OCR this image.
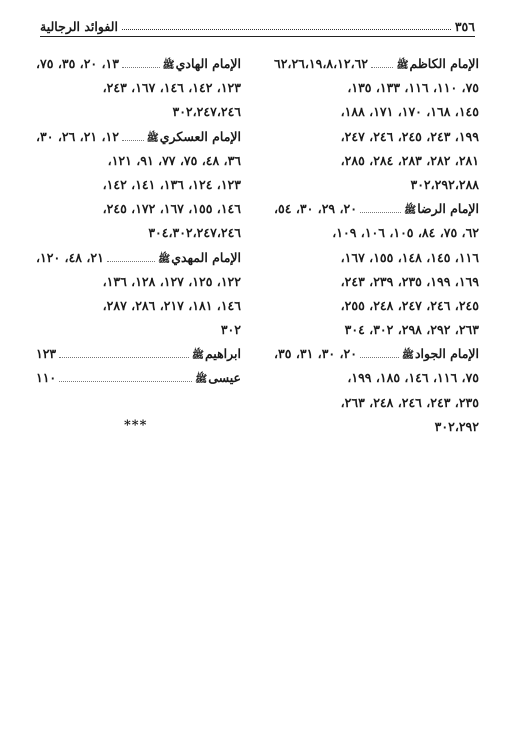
٣٥٦
الفوائد الرجالية
الإمام الكاظم
ﷺ
٦٢،٢٦،١٩،٨،١٢،٦٢
٧٥، ١١٠، ١١٦، ١٣٣، ١٣٥،
١٤٥، ١٦٨، ١٧٠، ١٧١، ١٨٨،
١٩٩، ٢٤٣، ٢٤٥، ٢٤٦، ٢٤٧،
٢٨١، ٢٨٢، ٢٨٣، ٢٨٤، ٢٨٥،
٣٠٢،٢٩٢،٢٨٨
الإمام الرضا
ﷺ
٢٠، ٢٩، ٣٠، ٥٤،
٦٢، ٧٥، ٨٤، ١٠٥، ١٠٦، ١٠٩،
١١٦، ١٤٥، ١٤٨، ١٥٥، ١٦٧،
١٦٩، ١٩٩، ٢٣٥، ٢٣٩، ٢٤٣،
٢٤٥، ٢٤٦، ٢٤٧، ٢٤٨، ٢٥٥،
٢٦٣، ٢٩٢، ٢٩٨، ٣٠٢، ٣٠٤
الإمام الجواد
ﷺ
٢٠، ٣٠، ٣١، ٣٥،
٧٥، ١١٦، ١٤٦، ١٨٥، ١٩٩،
٢٣٥، ٢٤٣، ٢٤٦، ٢٤٨، ٢٦٣،
٣٠٢،٢٩٢
الإمام الهادي
ﷺ
١٣، ٢٠، ٣٥، ٧٥،
١٢٣، ١٤٢، ١٤٦، ١٦٧، ٢٤٣،
٣٠٢،٢٤٧،٢٤٦
الإمام العسكري
ﷺ
١٢، ٢١، ٢٦، ٣٠،
٣٦، ٤٨، ٧٥، ٧٧، ٩١، ١٢١،
١٢٣، ١٢٤، ١٣٦، ١٤١، ١٤٢،
١٤٦، ١٥٥، ١٦٧، ١٧٢، ٢٤٥،
٣٠٤،٣٠٢،٢٤٧،٢٤٦
الإمام المهدي
ﷺ
٢١، ٤٨، ١٢٠،
١٢٢، ١٢٥، ١٢٧، ١٢٨، ١٣٦،
١٤٦، ١٨١، ٢١٧، ٢٨٦، ٢٨٧،
٣٠٢
ابراهيم
ﷺ
١٢٣
عيسى
ﷺ
١١٠
***
